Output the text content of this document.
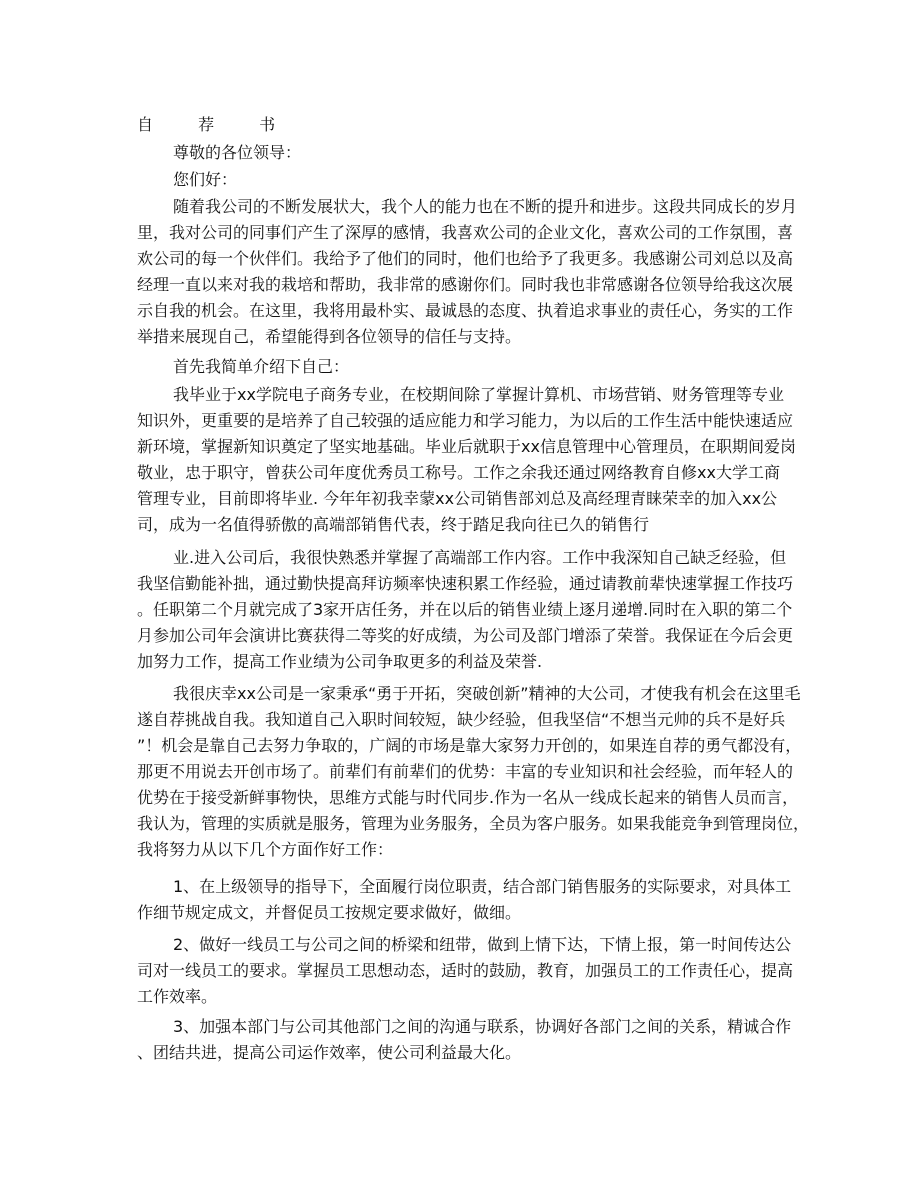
自 荐 书

尊敬的各位领导：

您们好：

随着我公司的不断发展状大，我个人的能力也在不断的提升和进步。这段共同成长的岁月

里，我对公司的同事们产生了深厚的感情，我喜欢公司的企业文化，喜欢公司的工作氛围，喜

欢公司的每一个伙伴们。我给予了他们的同时，他们也给予了我更多。我感谢公司刘总以及高

经理一直以来对我的栽培和帮助，我非常的感谢你们。同时我也非常感谢各位领导给我这次展

示自我的机会。在这里，我将用最朴实、最诚恳的态度、执着追求事业的责任心，务实的工作

举措来展现自己，希望能得到各位领导的信任与支持。

首先我简单介绍下自己：

我毕业于xx学院电子商务专业，在校期间除了掌握计算机、市场营销、财务管理等专业

知识外，更重要的是培养了自己较强的适应能力和学习能力，为以后的工作生活中能快速适应

新环境，掌握新知识奠定了坚实地基础。毕业后就职于xx信息管理中心管理员，在职期间爱岗

敬业，忠于职守，曾获公司年度优秀员工称号。工作之余我还通过网络教育自修xx大学工商

管理专业，目前即将毕业. 今年年初我幸蒙xx公司销售部刘总及高经理青睐荣幸的加入xx公

司，成为一名值得骄傲的高端部销售代表，终于踏足我向往已久的销售行

业.进入公司后，我很快熟悉并掌握了高端部工作内容。工作中我深知自己缺乏经验，但

我坚信勤能补拙，通过勤快提高拜访频率快速积累工作经验，通过请教前辈快速掌握工作技巧

。任职第二个月就完成了3家开店任务，并在以后的销售业绩上逐月递增.同时在入职的第二个

月参加公司年会演讲比赛获得二等奖的好成绩，为公司及部门增添了荣誉。我保证在今后会更

加努力工作，提高工作业绩为公司争取更多的利益及荣誉.

我很庆幸xx公司是一家秉承“勇于开拓，突破创新”精神的大公司，才使我有机会在这里毛

遂自荐挑战自我。我知道自己入职时间较短，缺少经验，但我坚信“不想当元帅的兵不是好兵

”！机会是靠自己去努力争取的，广阔的市场是靠大家努力开创的，如果连自荐的勇气都没有，

那更不用说去开创市场了。前辈们有前辈们的优势：丰富的专业知识和社会经验，而年轻人的

优势在于接受新鲜事物快，思维方式能与时代同步.作为一名从一线成长起来的销售人员而言，

我认为，管理的实质就是服务，管理为业务服务，全员为客户服务。如果我能竞争到管理岗位，

我将努力从以下几个方面作好工作：

1、在上级领导的指导下，全面履行岗位职责，结合部门销售服务的实际要求，对具体工

作细节规定成文，并督促员工按规定要求做好，做细。

2、做好一线员工与公司之间的桥梁和纽带，做到上情下达，下情上报，第一时间传达公

司对一线员工的要求。掌握员工思想动态，适时的鼓励，教育，加强员工的工作责任心，提高

工作效率。

3、加强本部门与公司其他部门之间的沟通与联系，协调好各部门之间的关系，精诚合作

、团结共进，提高公司运作效率，使公司利益最大化。
